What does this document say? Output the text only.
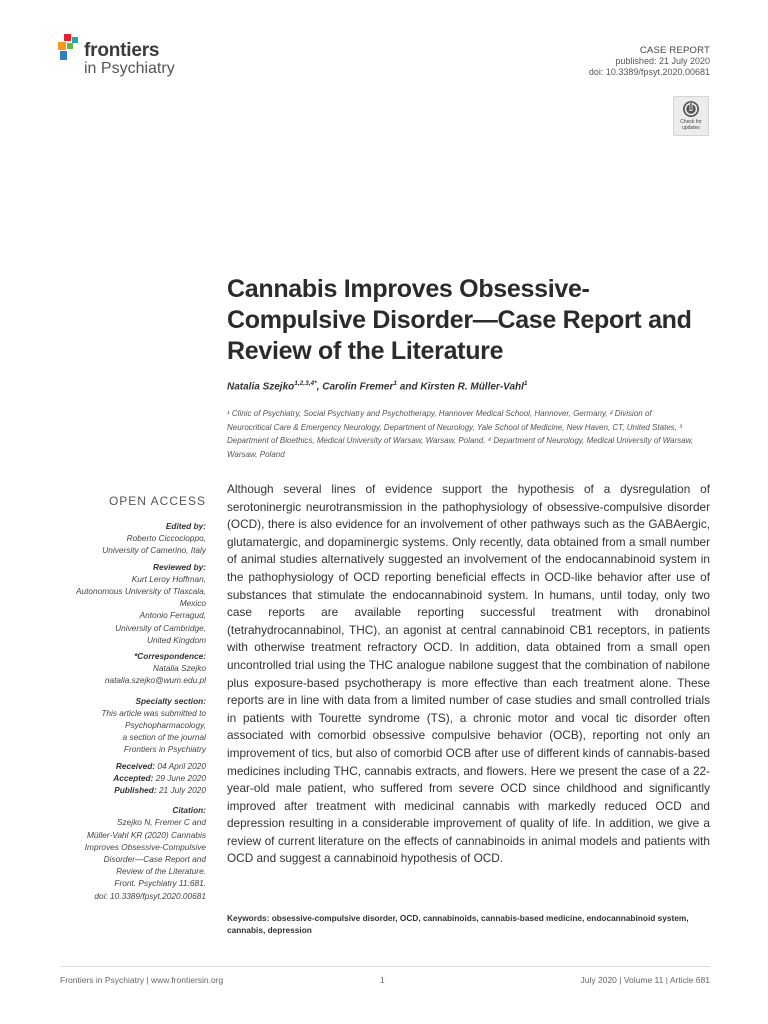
frontiers
in Psychiatry
CASE REPORT
published: 21 July 2020
doi: 10.3389/fpsyt.2020.00681
Check for updates
Cannabis Improves Obsessive-Compulsive Disorder—Case Report and Review of the Literature
Natalia Szejko$^{1,2,3,4*}$, Carolin Fremer$^1$ and Kirsten R. Müller-Vahl$^1$
¹ Clinic of Psychiatry, Social Psychiatry and Psychotherapy, Hannover Medical School, Hannover, Germany, ² Division of Neurocritical Care & Emergency Neurology, Department of Neurology, Yale School of Medicine, New Haven, CT, United States, ³ Department of Bioethics, Medical University of Warsaw, Warsaw, Poland, ⁴ Department of Neurology, Medical University of Warsaw, Warsaw, Poland
OPEN ACCESS
Edited by:
Roberto Ciccocioppo,
University of Camerino, Italy
Reviewed by:
Kurt Leroy Hoffman,
Autonomous University of Tlaxcala,
Mexico
Antonio Ferragud,
University of Cambridge,
United Kingdom
*Correspondence:
Natalia Szejko
natalia.szejko@wum.edu.pl
Specialty section:
This article was submitted to
Psychopharmacology,
a section of the journal
Frontiers in Psychiatry
Received: 04 April 2020
Accepted: 29 June 2020
Published: 21 July 2020
Citation:
Szejko N, Fremer C and
Müller-Vahl KR (2020) Cannabis
Improves Obsessive-Compulsive
Disorder—Case Report and
Review of the Literature.
Front. Psychiatry 11:681.
doi: 10.3389/fpsyt.2020.00681
Although several lines of evidence support the hypothesis of a dysregulation of serotoninergic neurotransmission in the pathophysiology of obsessive-compulsive disorder (OCD), there is also evidence for an involvement of other pathways such as the GABAergic, glutamatergic, and dopaminergic systems. Only recently, data obtained from a small number of animal studies alternatively suggested an involvement of the endocannabinoid system in the pathophysiology of OCD reporting beneficial effects in OCD-like behavior after use of substances that stimulate the endocannabinoid system. In humans, until today, only two case reports are available reporting successful treatment with dronabinol (tetrahydrocannabinol, THC), an agonist at central cannabinoid CB1 receptors, in patients with otherwise treatment refractory OCD. In addition, data obtained from a small open uncontrolled trial using the THC analogue nabilone suggest that the combination of nabilone plus exposure-based psychotherapy is more effective than each treatment alone. These reports are in line with data from a limited number of case studies and small controlled trials in patients with Tourette syndrome (TS), a chronic motor and vocal tic disorder often associated with comorbid obsessive compulsive behavior (OCB), reporting not only an improvement of tics, but also of comorbid OCB after use of different kinds of cannabis-based medicines including THC, cannabis extracts, and flowers. Here we present the case of a 22-year-old male patient, who suffered from severe OCD since childhood and significantly improved after treatment with medicinal cannabis with markedly reduced OCD and depression resulting in a considerable improvement of quality of life. In addition, we give a review of current literature on the effects of cannabinoids in animal models and patients with OCD and suggest a cannabinoid hypothesis of OCD.
Keywords: obsessive-compulsive disorder, OCD, cannabinoids, cannabis-based medicine, endocannabinoid system, cannabis, depression
Frontiers in Psychiatry | www.frontiersin.org	1	July 2020 | Volume 11 | Article 681
